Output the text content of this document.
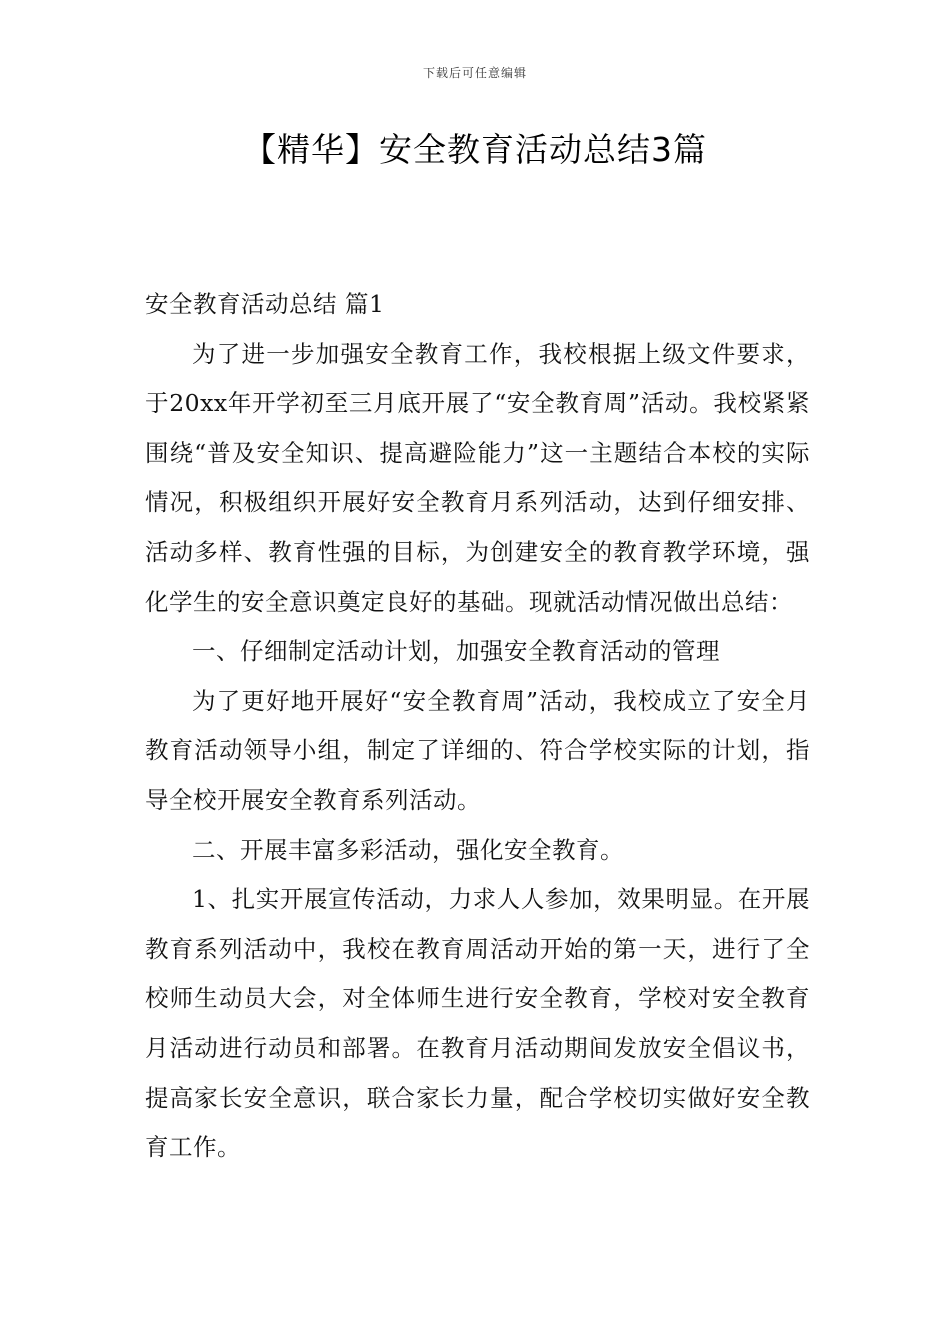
下载后可任意编辑
【精华】安全教育活动总结3篇

安全教育活动总结 篇1

为了进一步加强安全教育工作，我校根据上级文件要求，于20xx年开学初至三月底开展了“安全教育周”活动。我校紧紧围绕“普及安全知识、提高避险能力”这一主题结合本校的实际情况，积极组织开展好安全教育月系列活动，达到仔细安排、活动多样、教育性强的目标，为创建安全的教育教学环境，强化学生的安全意识奠定良好的基础。现就活动情况做出总结：

一、仔细制定活动计划，加强安全教育活动的管理

为了更好地开展好“安全教育周”活动，我校成立了安全月教育活动领导小组，制定了详细的、符合学校实际的计划，指导全校开展安全教育系列活动。

二、开展丰富多彩活动，强化安全教育。

1、扎实开展宣传活动，力求人人参加，效果明显。在开展教育系列活动中，我校在教育周活动开始的第一天，进行了全校师生动员大会，对全体师生进行安全教育，学校对安全教育月活动进行动员和部署。在教育月活动期间发放安全倡议书，提高家长安全意识，联合家长力量，配合学校切实做好安全教育工作。
